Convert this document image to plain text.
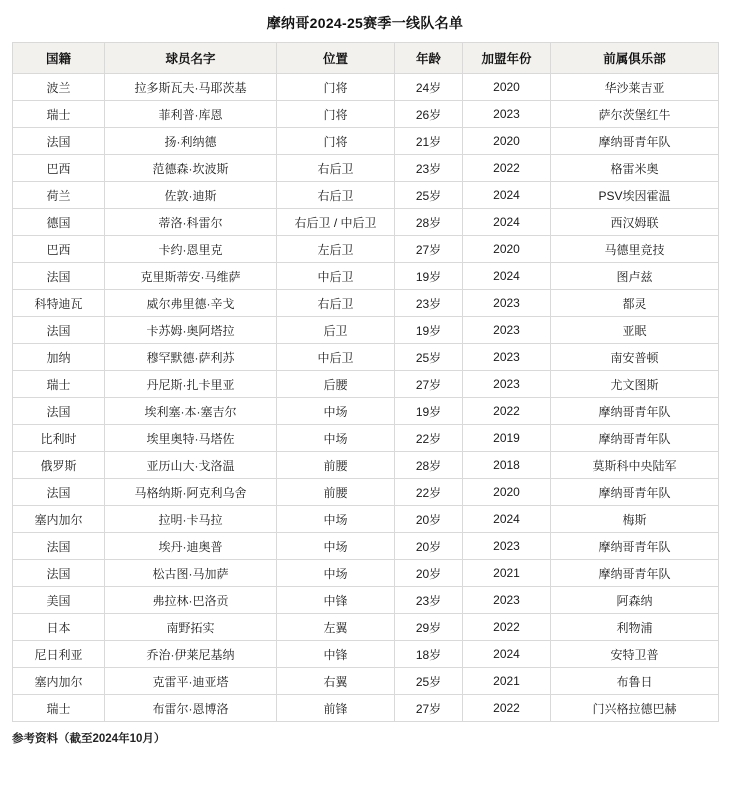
摩纳哥2024-25赛季一线队名单
国籍	球员名字	位置	年龄	加盟年份	前属俱乐部
波兰	拉多斯瓦夫·马耶茨基	门将	24岁	2020	华沙莱吉亚
瑞士	菲利普·库恩	门将	26岁	2023	萨尔茨堡红牛
法国	扬·利纳德	门将	21岁	2020	摩纳哥青年队
巴西	范德森·坎波斯	右后卫	23岁	2022	格雷米奥
荷兰	佐敦·迪斯	右后卫	25岁	2024	PSV埃因霍温
德国	蒂洛·科雷尔	右后卫 / 中后卫	28岁	2024	西汉姆联
巴西	卡约·恩里克	左后卫	27岁	2020	马德里竞技
法国	克里斯蒂安·马维萨	中后卫	19岁	2024	图卢兹
科特迪瓦	威尔弗里德·辛戈	右后卫	23岁	2023	都灵
法国	卡苏姆·奥阿塔拉	后卫	19岁	2023	亚眠
加纳	穆罕默德·萨利苏	中后卫	25岁	2023	南安普顿
瑞士	丹尼斯·扎卡里亚	后腰	27岁	2023	尤文图斯
法国	埃利塞·本·塞吉尔	中场	19岁	2022	摩纳哥青年队
比利时	埃里奥特·马塔佐	中场	22岁	2019	摩纳哥青年队
俄罗斯	亚历山大·戈洛温	前腰	28岁	2018	莫斯科中央陆军
法国	马格纳斯·阿克利乌舍	前腰	22岁	2020	摩纳哥青年队
塞内加尔	拉明·卡马拉	中场	20岁	2024	梅斯
法国	埃丹·迪奥普	中场	20岁	2023	摩纳哥青年队
法国	松古图·马加萨	中场	20岁	2021	摩纳哥青年队
美国	弗拉林·巴洛贡	中锋	23岁	2023	阿森纳
日本	南野拓实	左翼	29岁	2022	利物浦
尼日利亚	乔治·伊莱尼基纳	中锋	18岁	2024	安特卫普
塞内加尔	克雷平·迪亚塔	右翼	25岁	2021	布鲁日
瑞士	布雷尔·恩博洛	前锋	27岁	2022	门兴格拉德巴赫
参考资料（截至2024年10月）
